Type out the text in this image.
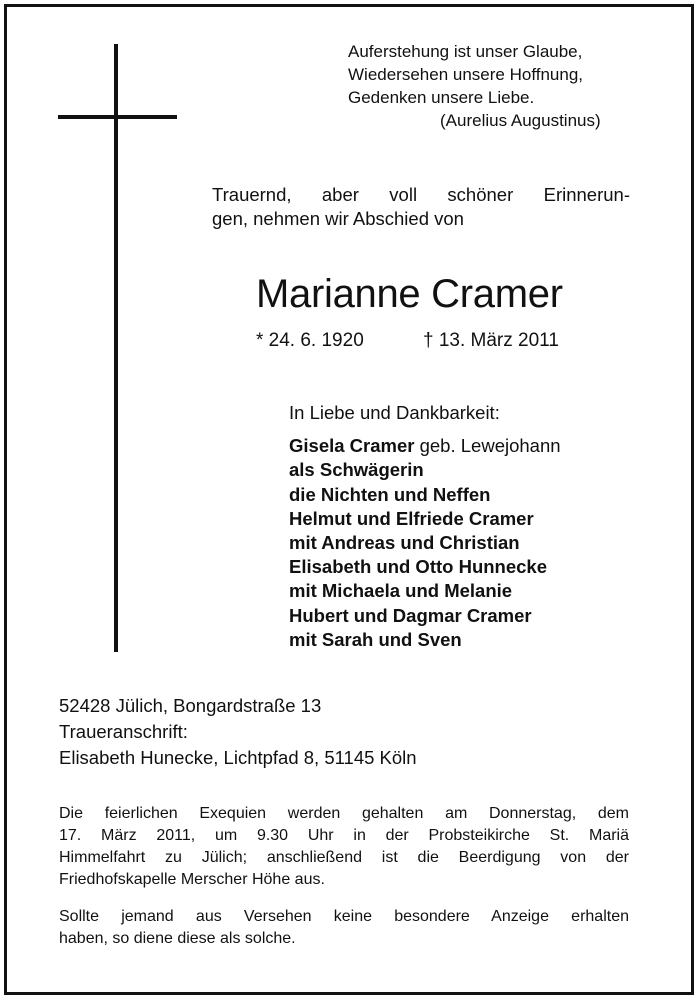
Auferstehung ist unser Glaube,
Wiedersehen unsere Hoffnung,
Gedenken unsere Liebe.
(Aurelius Augustinus)
Trauernd, aber voll schöner Erinnerun-
gen, nehmen wir Abschied von
Marianne Cramer
* 24. 6. 1920	† 13. März 2011
In Liebe und Dankbarkeit:
Gisela Cramer geb. Lewejohann
als Schwägerin
die Nichten und Neffen
Helmut und Elfriede Cramer
mit Andreas und Christian
Elisabeth und Otto Hunnecke
mit Michaela und Melanie
Hubert und Dagmar Cramer
mit Sarah und Sven
52428 Jülich, Bongardstraße 13
Traueranschrift:
Elisabeth Hunecke, Lichtpfad 8, 51145 Köln
Die feierlichen Exequien werden gehalten am Donnerstag, dem
17. März 2011, um 9.30 Uhr in der Probsteikirche St. Mariä
Himmelfahrt zu Jülich; anschließend ist die Beerdigung von der
Friedhofskapelle Merscher Höhe aus.
Sollte jemand aus Versehen keine besondere Anzeige erhalten
haben, so diene diese als solche.
